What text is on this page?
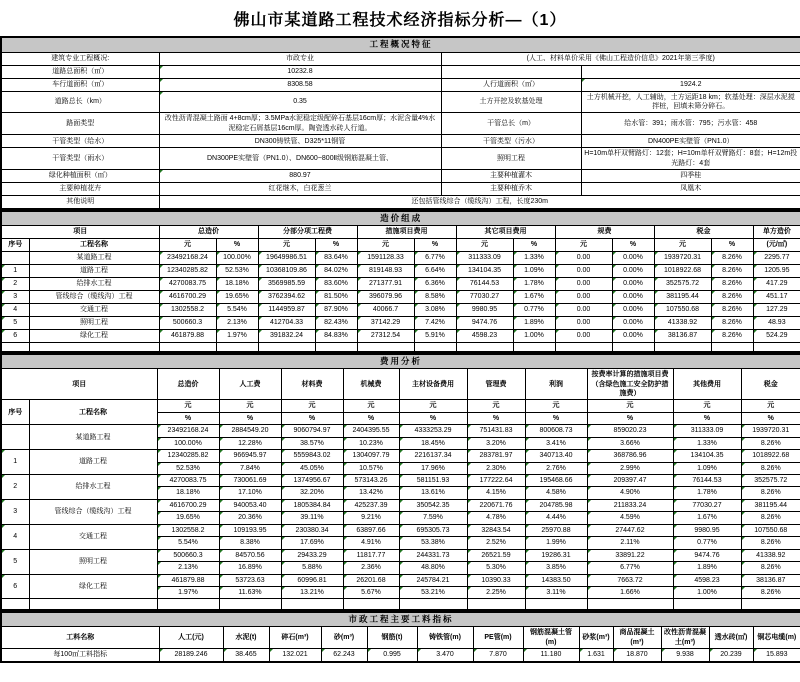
佛山市某道路工程技术经济指标分析—（1）
工程概况特征			
建筑专业工程概况:	市政专业	(人工、材料单价采用《佛山工程造价信息》2021年第三季度)	
道路总面积（㎡）	10232.8		
车行道面积（㎡）	8308.58	人行道面积（㎡）	1924.2
道路总长（km）	0.35	土方开挖及软基处理	土方机械开挖，人工辅助，土方运距18 km；软基处理：深层水泥搅拌桩，回填未筛分碎石。
路面类型	改性沥青混凝土路面 4+8cm厚；3.5MPa水泥稳定级配碎石基层16cm厚；水泥含量4%水泥稳定石屑基层16cm厚。陶瓷透水砖人行道。	干管总长（m）	给水管：391；雨水管：795；污水管：458
干管类型（给水）	DN300铸铁管、D325*11钢管	干管类型（污水）	DN400PE实壁管（PN1.0）
干管类型（雨水）	DN300PE实壁管（PN1.0）、DN600~800Ⅱ级钢筋混凝土管、	照明工程	H=10m单杆双臂路灯：12套；H=10m单杆双臂路灯：8套；H=12m投光路灯：4套
绿化种植面积（㎡）	880.97	主要种植灌木	四季桂
主要种植花卉	红花继木，白花葱兰	主要种植乔木	凤凰木
其他说明	还包括管线综合（缆线沟）工程，长度230m		
造价组成														
项目		总造价		分部分项工程费		措施项目费用		其它项目费用		规费		税金		单方造价
序号	工程名称	元	%	元	%	元	%	元	%	元	%	元	%	(元/㎡)
	某道路工程	23492168.24	100.00%	19649986.51	83.64%	1591128.33	6.77%	311333.09	1.33%	0.00	0.00%	1939720.31	8.26%	2295.77
1	道路工程	12340285.82	52.53%	10368109.86	84.02%	819148.93	6.64%	134104.35	1.09%	0.00	0.00%	1018922.68	8.26%	1205.95
2	给排水工程	4270083.75	18.18%	3569985.59	83.60%	271377.91	6.36%	76144.53	1.78%	0.00	0.00%	352575.72	8.26%	417.29
3	管线综合（缆线沟）工程	4616700.29	19.65%	3762394.62	81.50%	396079.96	8.58%	77030.27	1.67%	0.00	0.00%	381195.44	8.26%	451.17
4	交通工程	1302558.2	5.54%	1144959.87	87.90%	40066.7	3.08%	9980.95	0.77%	0.00	0.00%	107550.68	8.26%	127.29
5	照明工程	500660.3	2.13%	412704.33	82.43%	37142.29	7.42%	9474.76	1.89%	0.00	0.00%	41338.92	8.26%	48.93
6	绿化工程	461879.88	1.97%	391832.24	84.83%	27312.54	5.91%	4598.23	1.00%	0.00	0.00%	38136.87	8.26%	524.29

费用分析											
项目		总造价	人工费	材料费	机械费	主材设备费用	管理费	利润	按费率计算的措施项目费（含绿色施工安全防护措施费）	其他费用	税金
序号	工程名称	元	元	元	元	元	元	元	元	元	元
		%	%	%	%	%	%	%	%	%	%
	某道路工程	23492168.24	2884549.20	9060794.97	2404395.55	4333253.29	751431.83	800608.73	859020.23	311333.09	1939720.31
		100.00%	12.28%	38.57%	10.23%	18.45%	3.20%	3.41%	3.66%	1.33%	8.26%
1	道路工程	12340285.82	966945.97	5559843.02	1304097.79	2216137.34	283781.97	340713.40	368786.96	134104.35	1018922.68
		52.53%	7.84%	45.05%	10.57%	17.96%	2.30%	2.76%	2.99%	1.09%	8.26%
2	给排水工程	4270083.75	730061.69	1374956.67	573143.26	581151.93	177222.64	195468.66	209397.47	76144.53	352575.72
		18.18%	17.10%	32.20%	13.42%	13.61%	4.15%	4.58%	4.90%	1.78%	8.26%
3	管线综合（缆线沟）工程	4616700.29	940053.40	1805384.84	425237.39	350542.35	220671.76	204785.98	211833.24	77030.27	381195.44
		19.65%	20.36%	39.11%	9.21%	7.59%	4.78%	4.44%	4.59%	1.67%	8.26%
4	交通工程	1302558.2	109193.95	230380.34	63897.66	695305.73	32843.54	25970.88	27447.62	9980.95	107550.68
		5.54%	8.38%	17.69%	4.91%	53.38%	2.52%	1.99%	2.11%	0.77%	8.26%
5	照明工程	500660.3	84570.56	29433.29	11817.77	244331.73	26521.59	19286.31	33891.22	9474.76	41338.92
		2.13%	16.89%	5.88%	2.36%	48.80%	5.30%	3.85%	6.77%	1.89%	8.26%
6	绿化工程	461879.88	53723.63	60996.81	26201.68	245784.21	10390.33	14383.50	7663.72	4598.23	38136.87
		1.97%	11.63%	13.21%	5.67%	53.21%	2.25%	3.11%	1.66%	1.00%	8.26%

市政工程主要工料指标													
工料名称	人工(元)	水泥(t)	碎石(m³)	砂(m³)	钢筋(t)	铸铁管(m)	PE管(m)	钢筋混凝土管(m)	砂浆(m³)	商品混凝土(m³)	改性沥青混凝土(m³)	透水砖(㎡)	铜芯电缆(m)
每100㎡工料指标	28189.246	38.465	132.021	62.243	0.995	3.470	7.870	11.180	1.631	18.870	9.938	20.239	15.893
